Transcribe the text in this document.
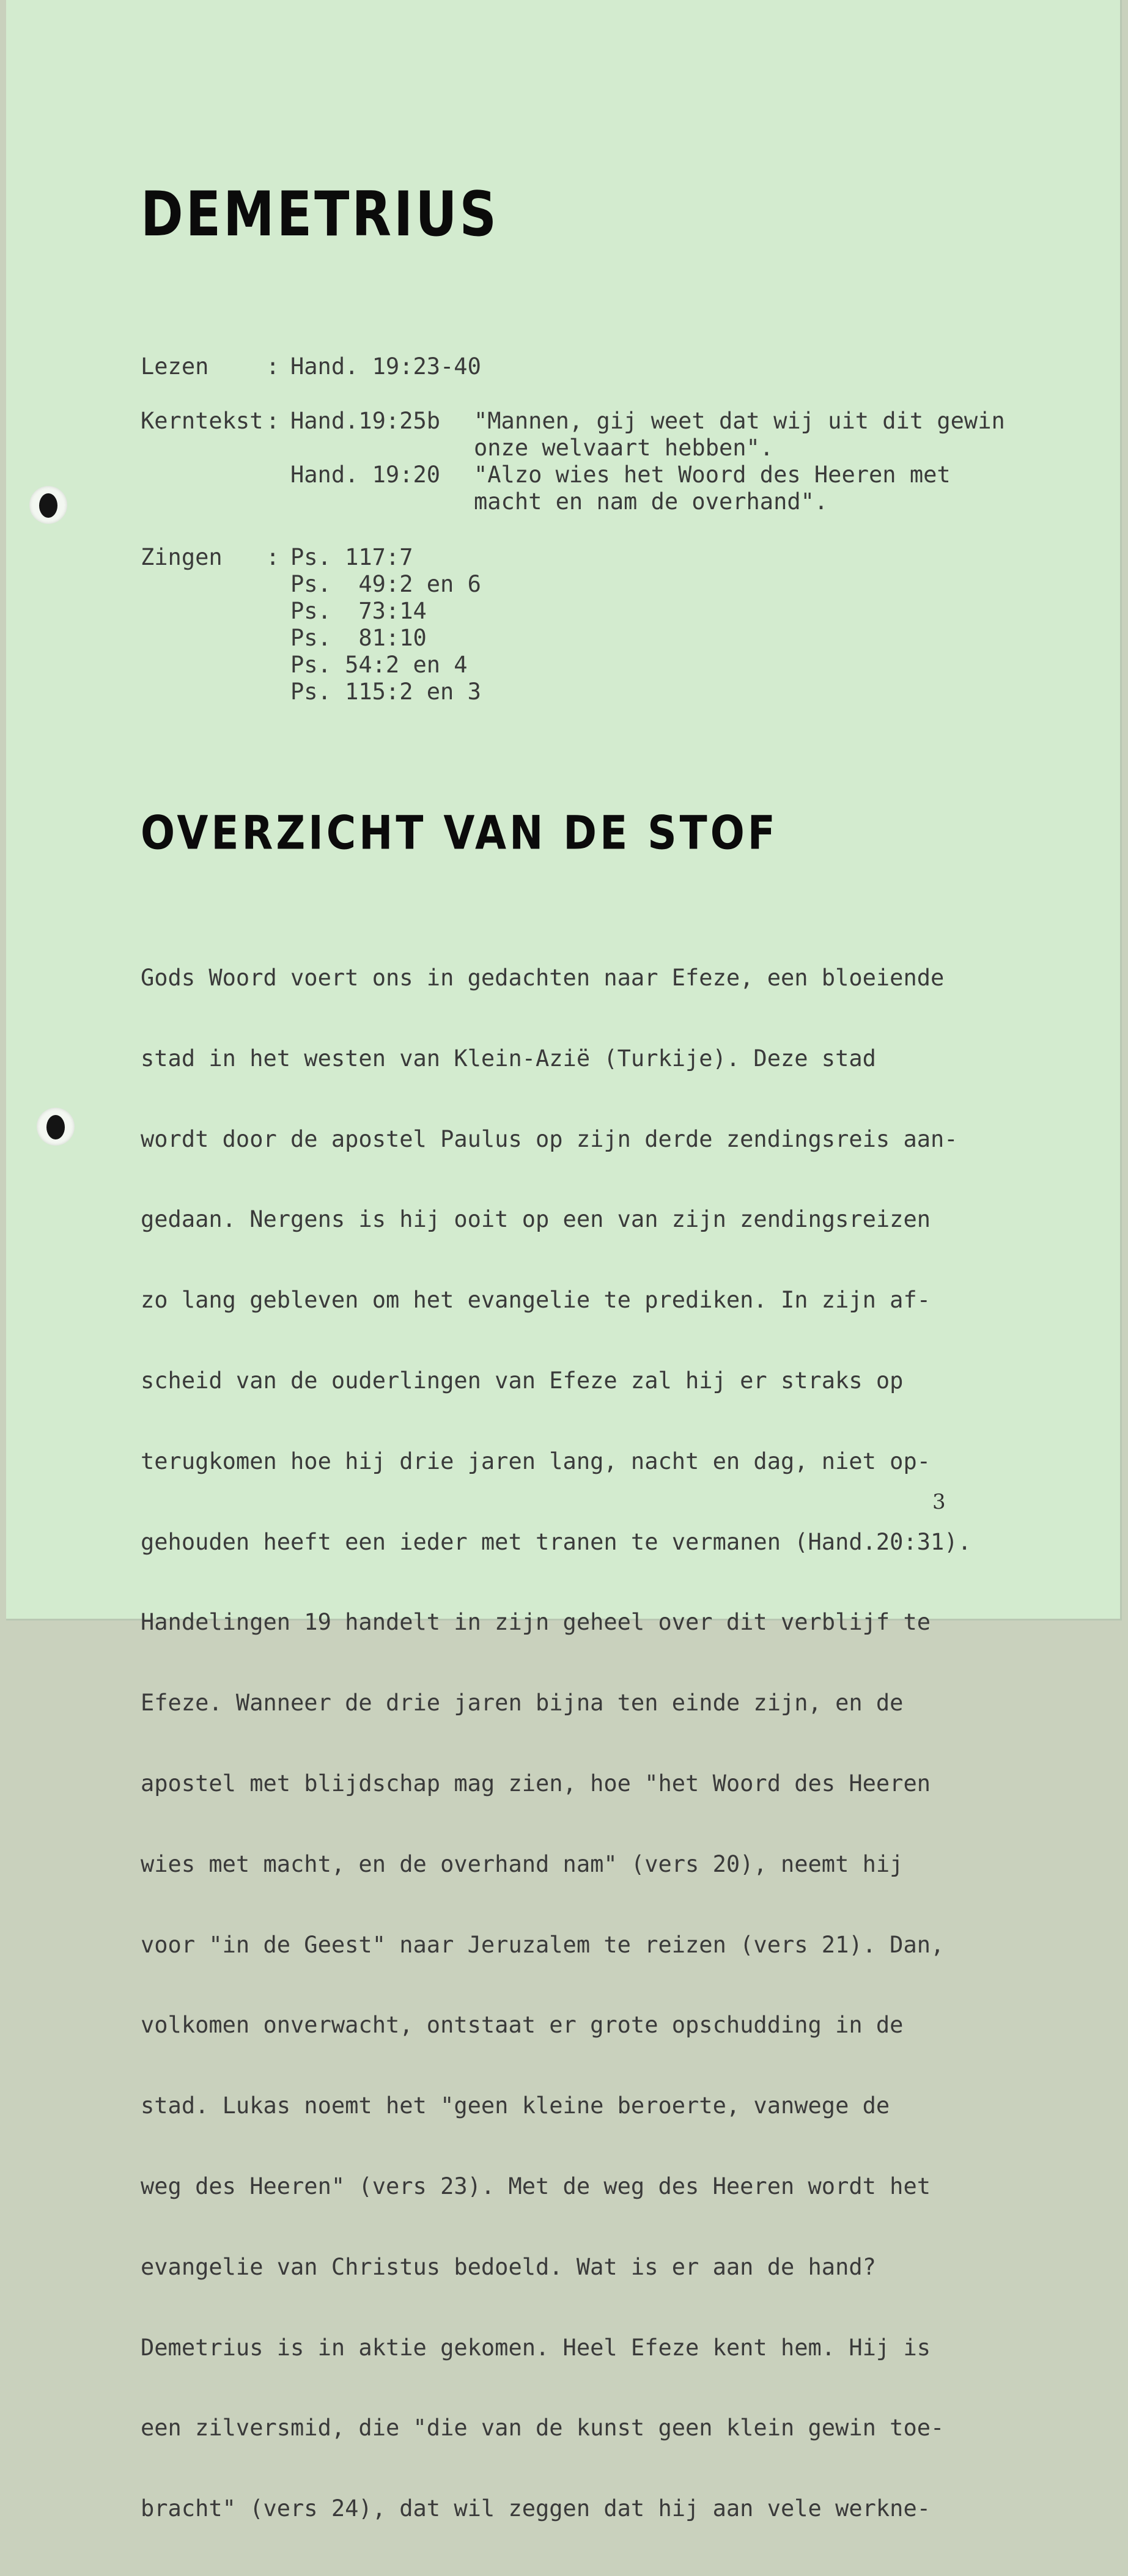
DEMETRIUS

Lezen

	:

Hand. 19:23-40

Kerntekst

:

Hand.19:25b

"Mannen, gij weet dat wij uit dit gewin

onze welvaart hebben".

Hand. 19:20

"Alzo wies het Woord des Heeren met

macht en nam de overhand".

Zingen

:

Ps. 117:7

Ps.  49:2 en 6

Ps.  73:14

Ps.  81:10

Ps. 54:2 en 4

Ps. 115:2 en 3

OVERZICHT VAN DE STOF

Gods Woord voert ons in gedachten naar Efeze, een bloeiende

stad in het westen van Klein-Azië (Turkije). Deze stad

wordt door de apostel Paulus op zijn derde zendingsreis aan-

gedaan. Nergens is hij ooit op een van zijn zendingsreizen

zo lang gebleven om het evangelie te prediken. In zijn af-

scheid van de ouderlingen van Efeze zal hij er straks op

terugkomen hoe hij drie jaren lang, nacht en dag, niet op-

gehouden heeft een ieder met tranen te vermanen (Hand.20:31).

Handelingen 19 handelt in zijn geheel over dit verblijf te

Efeze. Wanneer de drie jaren bijna ten einde zijn, en de

apostel met blijdschap mag zien, hoe "het Woord des Heeren

wies met macht, en de overhand nam" (vers 20), neemt hij

voor "in de Geest" naar Jeruzalem te reizen (vers 21). Dan,

volkomen onverwacht, ontstaat er grote opschudding in de

stad. Lukas noemt het "geen kleine beroerte, vanwege de

weg des Heeren" (vers 23). Met de weg des Heeren wordt het

evangelie van Christus bedoeld. Wat is er aan de hand?

Demetrius is in aktie gekomen. Heel Efeze kent hem. Hij is

een zilversmid, die "die van de kunst geen klein gewin toe-

bracht" (vers 24), dat wil zeggen dat hij aan vele werkne-

3
